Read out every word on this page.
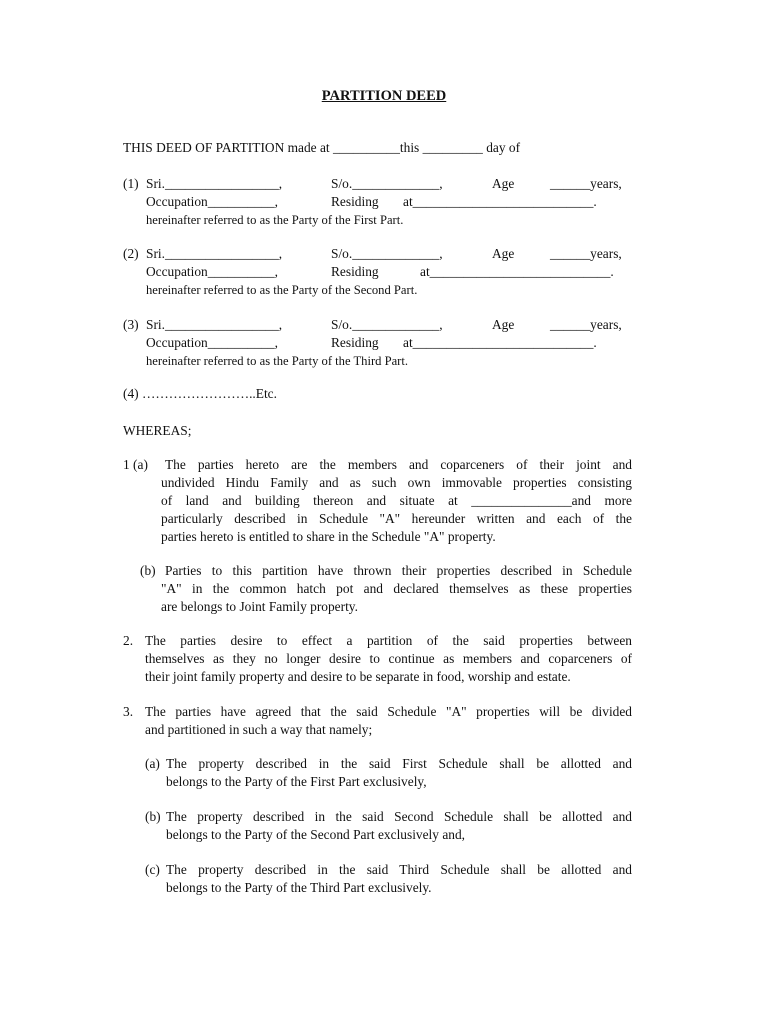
PARTITION DEED
THIS DEED OF PARTITION made at __________this _________ day of
(1) Sri._________________,	S/o._____________,	Age	______years,
Occupation__________,	Residing at___________________________.
hereinafter referred to as the Party of the First Part.
(2) Sri._________________,	S/o._____________,	Age	______years,
Occupation__________,	Residing	at___________________________.
hereinafter referred to as the Party of the Second Part.
(3) Sri._________________,	S/o._____________,	Age	______years,
Occupation__________,	Residing at___________________________.
hereinafter referred to as the Party of the Third Part.
(4) ……………………..Etc.
WHEREAS;
1 (a) The parties hereto are the members and coparceners of their joint and
undivided Hindu Family and as such own immovable properties consisting
of land and building thereon and situate at _______________and more
particularly described in Schedule "A" hereunder written and each of the
parties hereto is entitled to share in the Schedule "A" property.
(b) Parties to this partition have thrown their properties described in Schedule
"A" in the common hatch pot and declared themselves as these properties
are belongs to Joint Family property.
2. The parties desire to effect a partition of the said properties between
themselves as they no longer desire to continue as members and coparceners of
their joint family property and desire to be separate in food, worship and estate.
3. The parties have agreed that the said Schedule "A" properties will be divided
and partitioned in such a way that namely;
(a) The property described in the said First Schedule shall be allotted and
belongs to the Party of the First Part exclusively,
(b) The property described in the said Second Schedule shall be allotted and
belongs to the Party of the Second Part exclusively and,
(c) The property described in the said Third Schedule shall be allotted and
belongs to the Party of the Third Part exclusively.
